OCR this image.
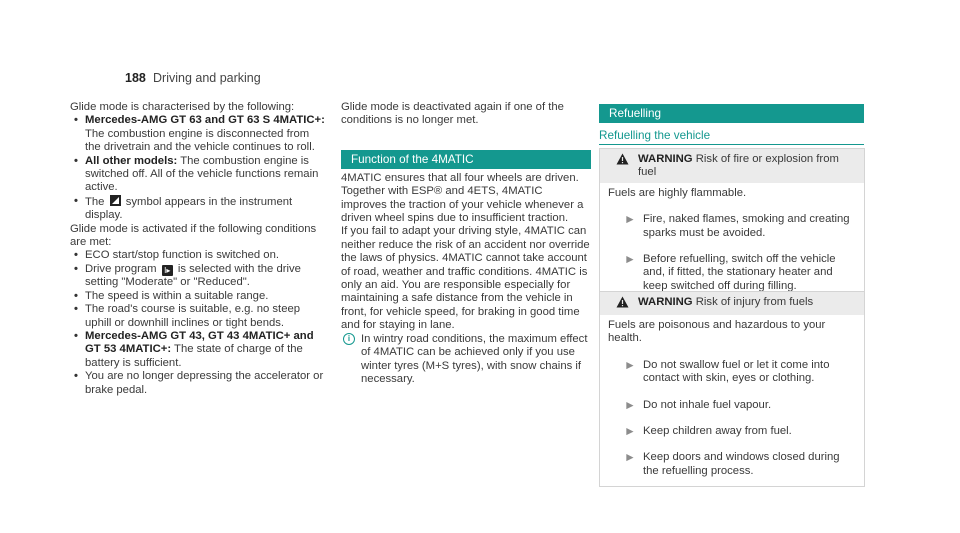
188 Driving and parking

Glide mode is characterised by the following:

• Mercedes-AMG GT 63 and GT 63 S 4MATIC+: The combustion engine is disconnected from the drivetrain and the vehicle continues to roll.
• All other models: The combustion engine is switched off. All of the vehicle functions remain active.
• The symbol appears in the instrument display.

Glide mode is activated if the following conditions are met:

• ECO start/stop function is switched on.
• Drive program I▸ is selected with the drive setting "Moderate" or "Reduced".
• The speed is within a suitable range.
• The road's course is suitable, e.g. no steep uphill or downhill inclines or tight bends.
• Mercedes-AMG GT 43, GT 43 4MATIC+ and GT 53 4MATIC+: The state of charge of the battery is sufficient.
• You are no longer depressing the accelerator or brake pedal.

Glide mode is deactivated again if one of the conditions is no longer met.

Function of the 4MATIC

4MATIC ensures that all four wheels are driven.

Together with ESP® and 4ETS, 4MATIC improves the traction of your vehicle whenever a driven wheel spins due to insufficient traction.

If you fail to adapt your driving style, 4MATIC can neither reduce the risk of an accident nor override the laws of physics. 4MATIC cannot take account of road, weather and traffic conditions. 4MATIC is only an aid. You are responsible especially for maintaining a safe distance from the vehicle in front, for vehicle speed, for braking in good time and for staying in lane.

i In wintry road conditions, the maximum effect of 4MATIC can be achieved only if you use winter tyres (M+S tyres), with snow chains if necessary.
Refuelling
Refuelling the vehicle
WARNING Risk of fire or explosion from fuel

Fuels are highly flammable.

► Fire, naked flames, smoking and creating sparks must be avoided.
► Before refuelling, switch off the vehicle and, if fitted, the stationary heater and keep switched off during filling.
WARNING Risk of injury from fuels

Fuels are poisonous and hazardous to your health.

► Do not swallow fuel or let it come into contact with skin, eyes or clothing.
► Do not inhale fuel vapour.
► Keep children away from fuel.
► Keep doors and windows closed during the refuelling process.
